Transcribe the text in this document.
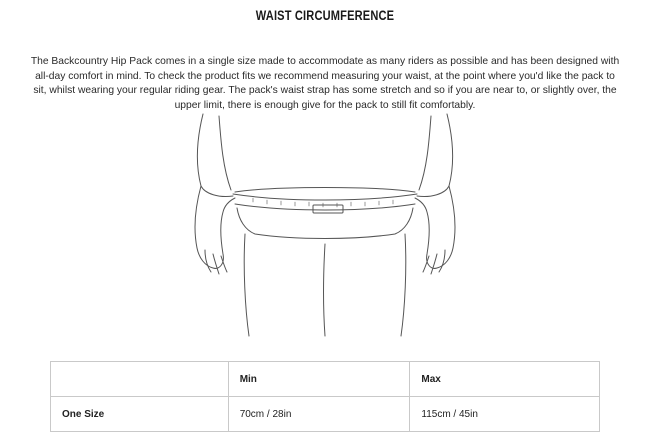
WAIST CIRCUMFERENCE

The Backcountry Hip Pack comes in a single size made to accommodate as many riders as possible and has been designed with all-day comfort in mind. To check the product fits we recommend measuring your waist, at the point where you'd like the pack to sit, whilst wearing your regular riding gear. The pack's waist strap has some stretch and so if you are near to, or slightly over, the upper limit, there is enough give for the pack to still fit comfortably.

	Min	Max
One Size	70cm / 28in	115cm / 45in
